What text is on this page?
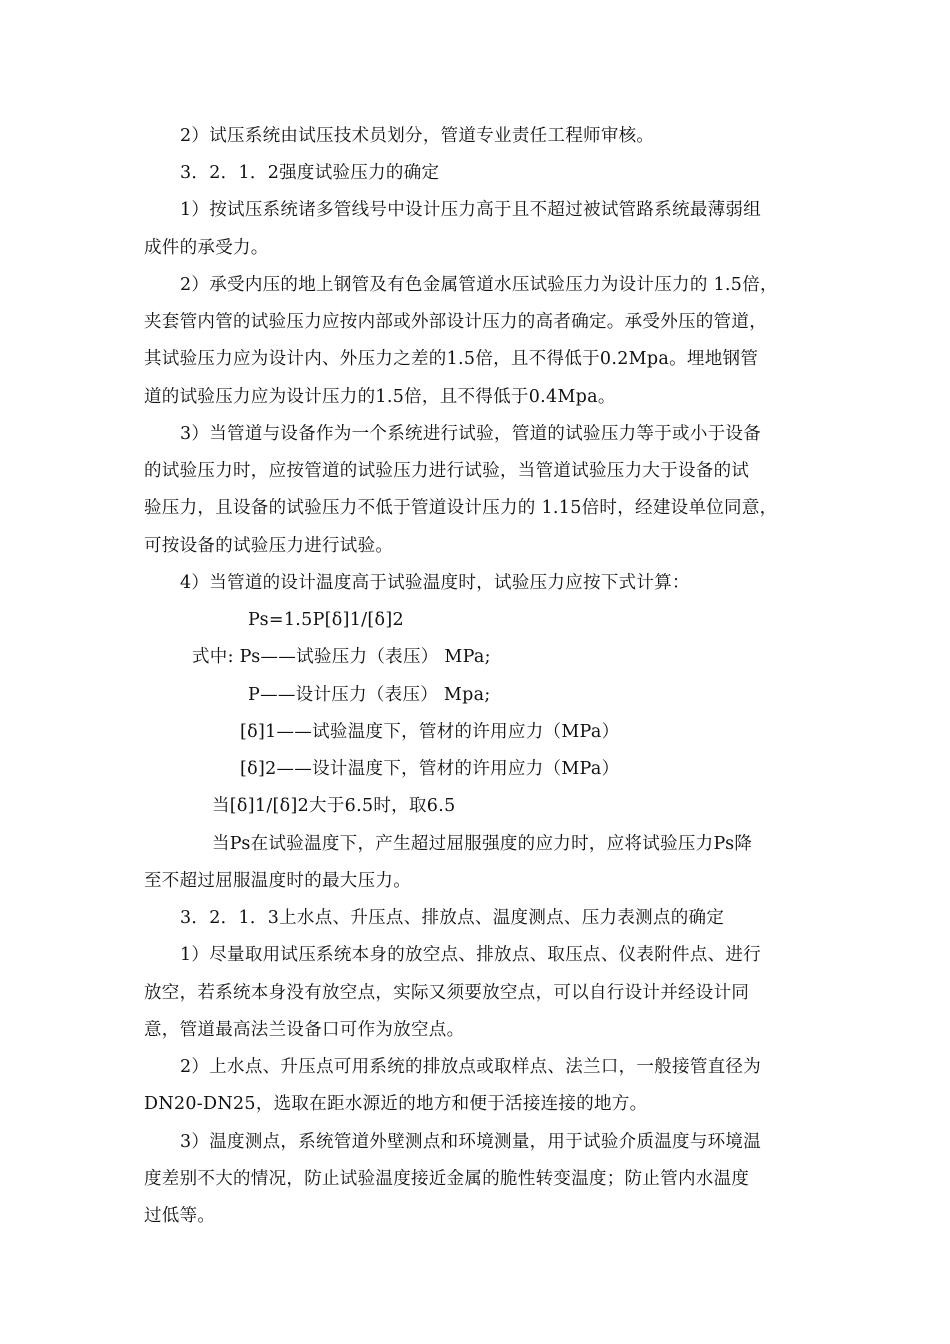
2）试压系统由试压技术员划分，管道专业责任工程师审核。
3．2．1．2强度试验压力的确定
1）按试压系统诸多管线号中设计压力高于且不超过被试管路系统最薄弱组
成件的承受力。
2）承受内压的地上钢管及有色金属管道水压试验压力为设计压力的 1.5倍，
夹套管内管的试验压力应按内部或外部设计压力的高者确定。承受外压的管道，
其试验压力应为设计内、外压力之差的1.5倍，且不得低于0.2Mpa。埋地钢管
道的试验压力应为设计压力的1.5倍，且不得低于0.4Mpa。
3）当管道与设备作为一个系统进行试验，管道的试验压力等于或小于设备
的试验压力时，应按管道的试验压力进行试验，当管道试验压力大于设备的试
验压力，且设备的试验压力不低于管道设计压力的 1.15倍时，经建设单位同意，
可按设备的试验压力进行试验。
4）当管道的设计温度高于试验温度时，试验压力应按下式计算：
Ps=1.5P[δ]1/[δ]2
式中: Ps——试验压力（表压） MPa;
P——设计压力（表压） Mpa;
[δ]1——试验温度下，管材的许用应力（MPa）
[δ]2——设计温度下，管材的许用应力（MPa）
当[δ]1/[δ]2大于6.5时，取6.5
当Ps在试验温度下，产生超过屈服强度的应力时，应将试验压力Ps降
至不超过屈服温度时的最大压力。
3．2．1．3上水点、升压点、排放点、温度测点、压力表测点的确定
1）尽量取用试压系统本身的放空点、排放点、取压点、仪表附件点、进行
放空，若系统本身没有放空点，实际又须要放空点，可以自行设计并经设计同
意，管道最高法兰设备口可作为放空点。
2）上水点、升压点可用系统的排放点或取样点、法兰口，一般接管直径为
DN20-DN25，选取在距水源近的地方和便于活接连接的地方。
3）温度测点，系统管道外壁测点和环境测量，用于试验介质温度与环境温
度差别不大的情况，防止试验温度接近金属的脆性转变温度；防止管内水温度
过低等。
